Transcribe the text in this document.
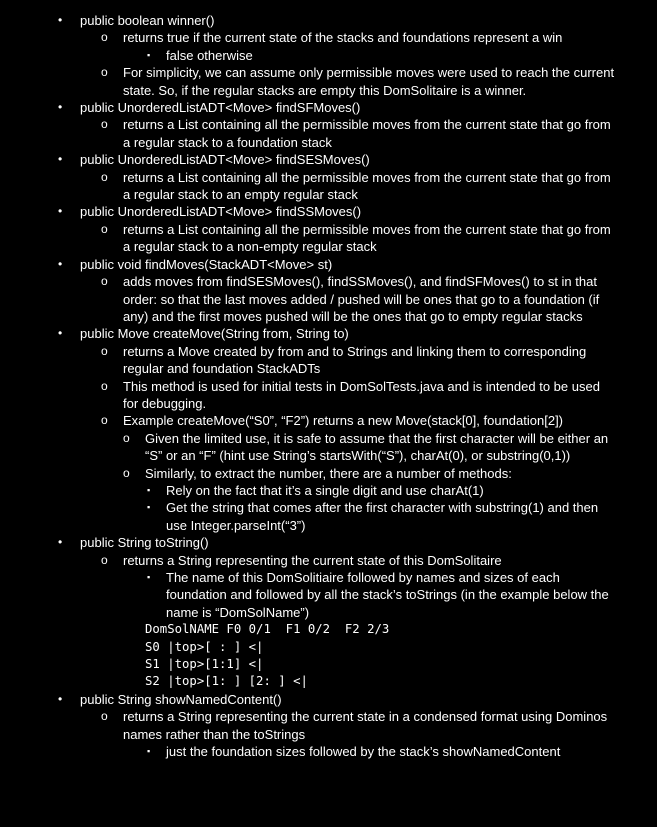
• public boolean winner()
o returns true if the current state of the stacks and foundations represent a win
▪ false otherwise
o For simplicity, we can assume only permissible moves were used to reach the current state. So, if the regular stacks are empty this DomSolitaire is a winner.
• public UnorderedListADT<Move> findSFMoves()
o returns a List containing all the permissible moves from the current state that go from a regular stack to a foundation stack
• public UnorderedListADT<Move> findSESMoves()
o returns a List containing all the permissible moves from the current state that go from a regular stack to an empty regular stack
• public UnorderedListADT<Move> findSSMoves()
o returns a List containing all the permissible moves from the current state that go from a regular stack to a non-empty regular stack
• public void findMoves(StackADT<Move> st)
o adds moves from findSESMoves(), findSSMoves(), and findSFMoves() to st in that order: so that the last moves added / pushed will be ones that go to a foundation (if any) and the first moves pushed will be the ones that go to empty regular stacks
• public Move createMove(String from, String to)
o returns a Move created by from and to Strings and linking them to corresponding regular and foundation StackADTs
o This method is used for initial tests in DomSolTests.java and is intended to be used for debugging.
o Example createMove(“S0”, “F2”) returns a new Move(stack[0], foundation[2])
o Given the limited use, it is safe to assume that the first character will be either an “S” or an “F” (hint use String’s startsWith(“S”), charAt(0), or substring(0,1))
o Similarly, to extract the number, there are a number of methods:
▪ Rely on the fact that it’s a single digit and use charAt(1)
▪ Get the string that comes after the first character with substring(1) and then use Integer.parseInt(“3”)
• public String toString()
o returns a String representing the current state of this DomSolitaire
▪ The name of this DomSolitiaire followed by names and sizes of each foundation and followed by all the stack’s toStrings (in the example below the name is “DomSolName”)
DomSolNAME F0 0/1  F1 0/2  F2 2/3
S0 |top>[ : ] <|
S1 |top>[1:1] <|
S2 |top>[1: ] [2: ] <|
• public String showNamedContent()
o returns a String representing the current state in a condensed format using Dominos names rather than the toStrings
▪ just the foundation sizes followed by the stack’s showNamedContent
